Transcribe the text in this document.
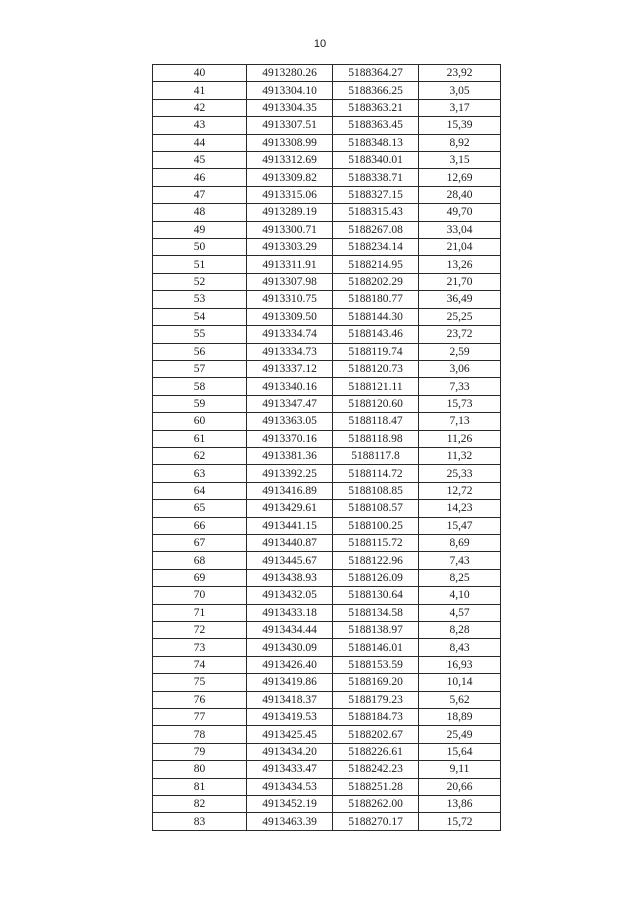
10
40	4913280.26	5188364.27	23,92
41	4913304.10	5188366.25	3,05
42	4913304.35	5188363.21	3,17
43	4913307.51	5188363.45	15,39
44	4913308.99	5188348.13	8,92
45	4913312.69	5188340.01	3,15
46	4913309.82	5188338.71	12,69
47	4913315.06	5188327.15	28,40
48	4913289.19	5188315.43	49,70
49	4913300.71	5188267.08	33,04
50	4913303.29	5188234.14	21,04
51	4913311.91	5188214.95	13,26
52	4913307.98	5188202.29	21,70
53	4913310.75	5188180.77	36,49
54	4913309.50	5188144.30	25,25
55	4913334.74	5188143.46	23,72
56	4913334.73	5188119.74	2,59
57	4913337.12	5188120.73	3,06
58	4913340.16	5188121.11	7,33
59	4913347.47	5188120.60	15,73
60	4913363.05	5188118.47	7,13
61	4913370.16	5188118.98	11,26
62	4913381.36	5188117.8	11,32
63	4913392.25	5188114.72	25,33
64	4913416.89	5188108.85	12,72
65	4913429.61	5188108.57	14,23
66	4913441.15	5188100.25	15,47
67	4913440.87	5188115.72	8,69
68	4913445.67	5188122.96	7,43
69	4913438.93	5188126.09	8,25
70	4913432.05	5188130.64	4,10
71	4913433.18	5188134.58	4,57
72	4913434.44	5188138.97	8,28
73	4913430.09	5188146.01	8,43
74	4913426.40	5188153.59	16,93
75	4913419.86	5188169.20	10,14
76	4913418.37	5188179.23	5,62
77	4913419.53	5188184.73	18,89
78	4913425.45	5188202.67	25,49
79	4913434.20	5188226.61	15,64
80	4913433.47	5188242.23	9,11
81	4913434.53	5188251.28	20,66
82	4913452.19	5188262.00	13,86
83	4913463.39	5188270.17	15,72
